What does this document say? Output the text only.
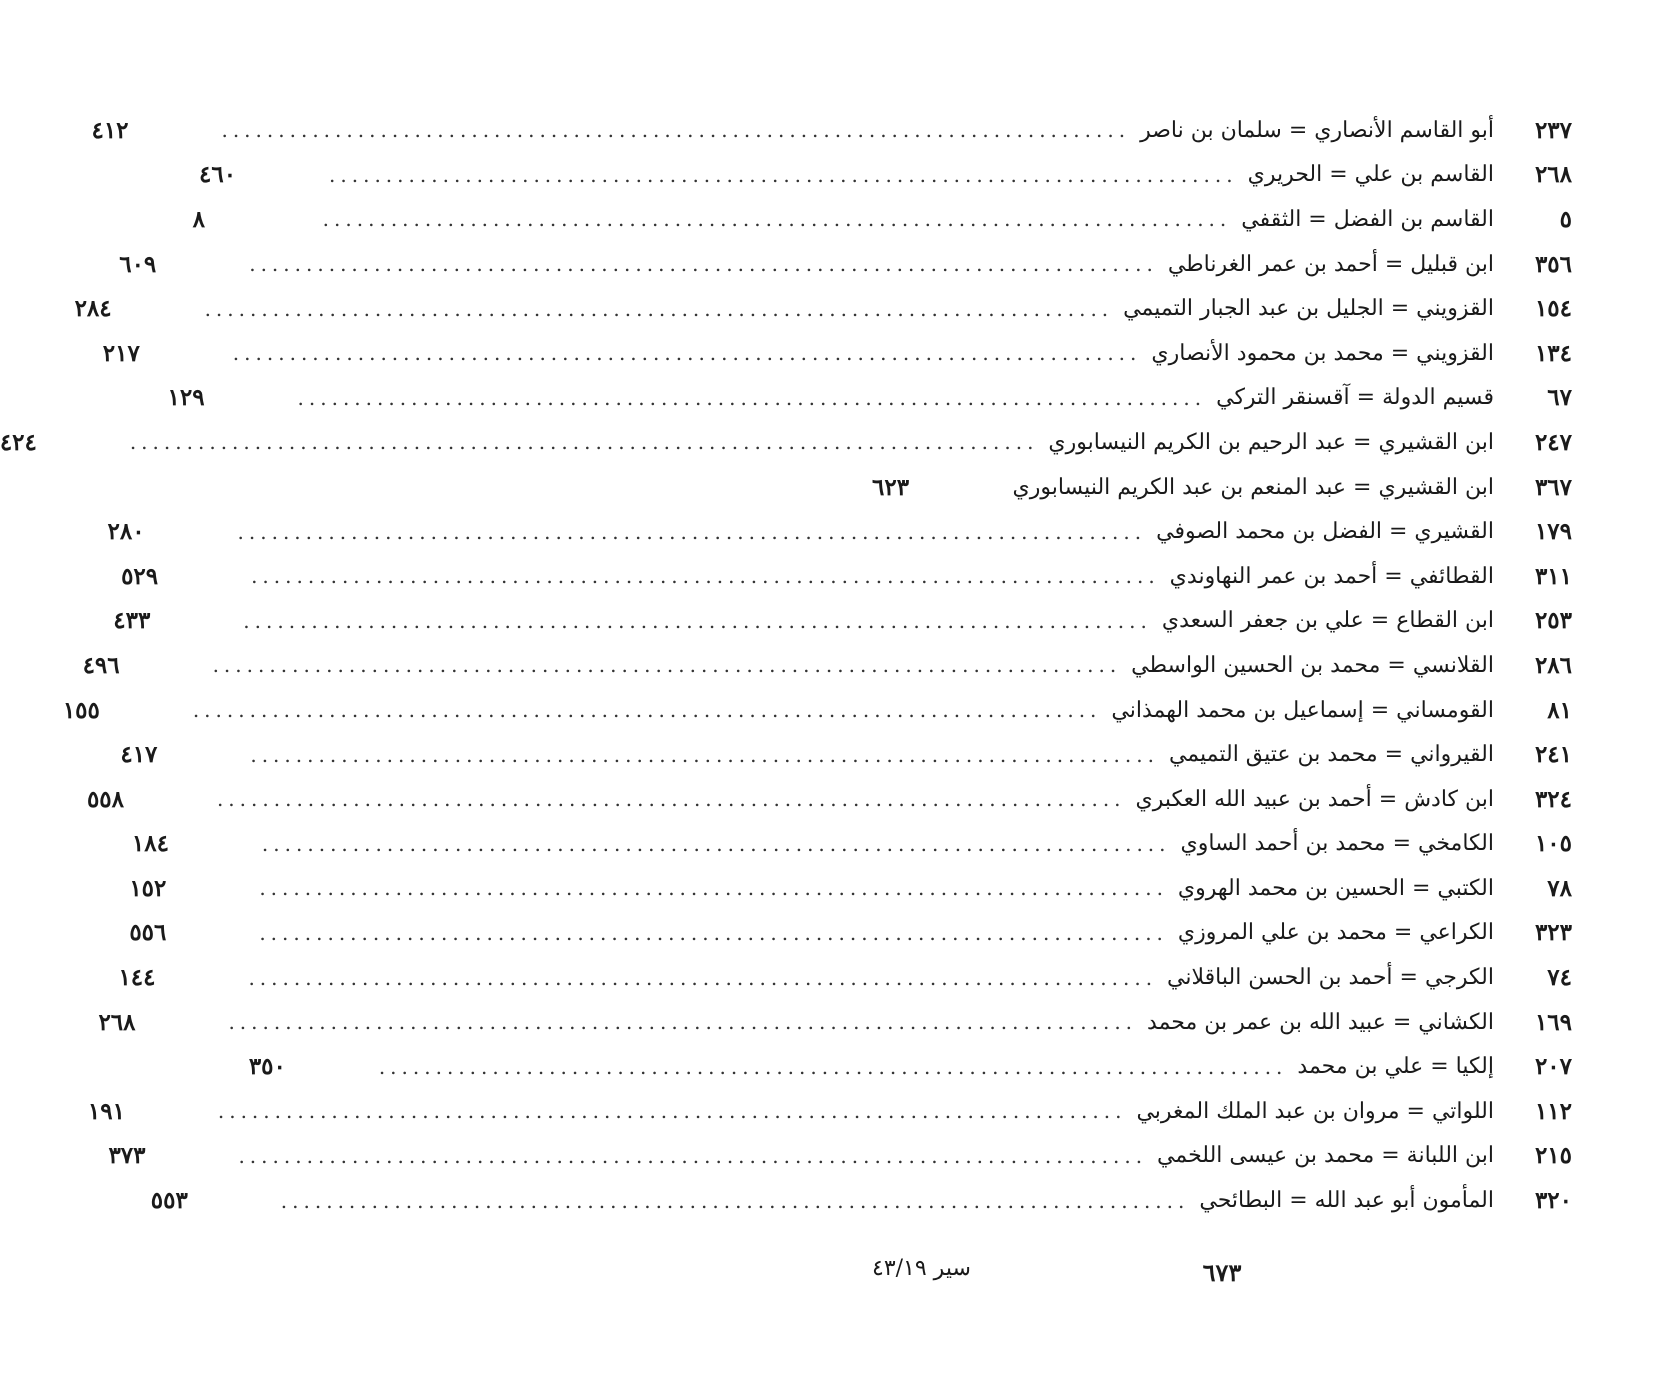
٢٣٧
أبو القاسم الأنصاري = سلمان بن ناصر
................................................................................
٤١٢
٢٦٨
القاسم بن علي = الحريري
................................................................................
٤٦٠
٥
القاسم بن الفضل = الثقفي
................................................................................
٨
٣٥٦
ابن قبليل = أحمد بن عمر الغرناطي
................................................................................
٦٠٩
١٥٤
القزويني = الجليل بن عبد الجبار التميمي
................................................................................
٢٨٤
١٣٤
القزويني = محمد بن محمود الأنصاري
................................................................................
٢١٧
٦٧
قسيم الدولة = آقسنقر التركي
................................................................................
١٢٩
٢٤٧
ابن القشيري = عبد الرحيم بن الكريم النيسابوري
................................................................................
٤٢٤
٣٦٧
ابن القشيري = عبد المنعم بن عبد الكريم النيسابوري
٦٢٣
١٧٩
القشيري = الفضل بن محمد الصوفي
................................................................................
٢٨٠
٣١١
القطائفي = أحمد بن عمر النهاوندي
................................................................................
٥٢٩
٢٥٣
ابن القطاع = علي بن جعفر السعدي
................................................................................
٤٣٣
٢٨٦
القلانسي = محمد بن الحسين الواسطي
................................................................................
٤٩٦
٨١
القومساني = إسماعيل بن محمد الهمذاني
................................................................................
١٥٥
٢٤١
القيرواني = محمد بن عتيق التميمي
................................................................................
٤١٧
٣٢٤
ابن كادش = أحمد بن عبيد الله العكبري
................................................................................
٥٥٨
١٠٥
الكامخي = محمد بن أحمد الساوي
................................................................................
١٨٤
٧٨
الكتبي = الحسين بن محمد الهروي
................................................................................
١٥٢
٣٢٣
الكراعي = محمد بن علي المروزي
................................................................................
٥٥٦
٧٤
الكرجي = أحمد بن الحسن الباقلاني
................................................................................
١٤٤
١٦٩
الكشاني = عبيد الله بن عمر بن محمد
................................................................................
٢٦٨
٢٠٧
إلكيا = علي بن محمد
................................................................................
٣٥٠
١١٢
اللواتي = مروان بن عبد الملك المغربي
................................................................................
١٩١
٢١٥
ابن اللبانة = محمد بن عيسى اللخمي
................................................................................
٣٧٣
٣٢٠
المأمون أبو عبد الله = البطائحي
................................................................................
٥٥٣
٦٧٣
سير ٤٣/١٩
